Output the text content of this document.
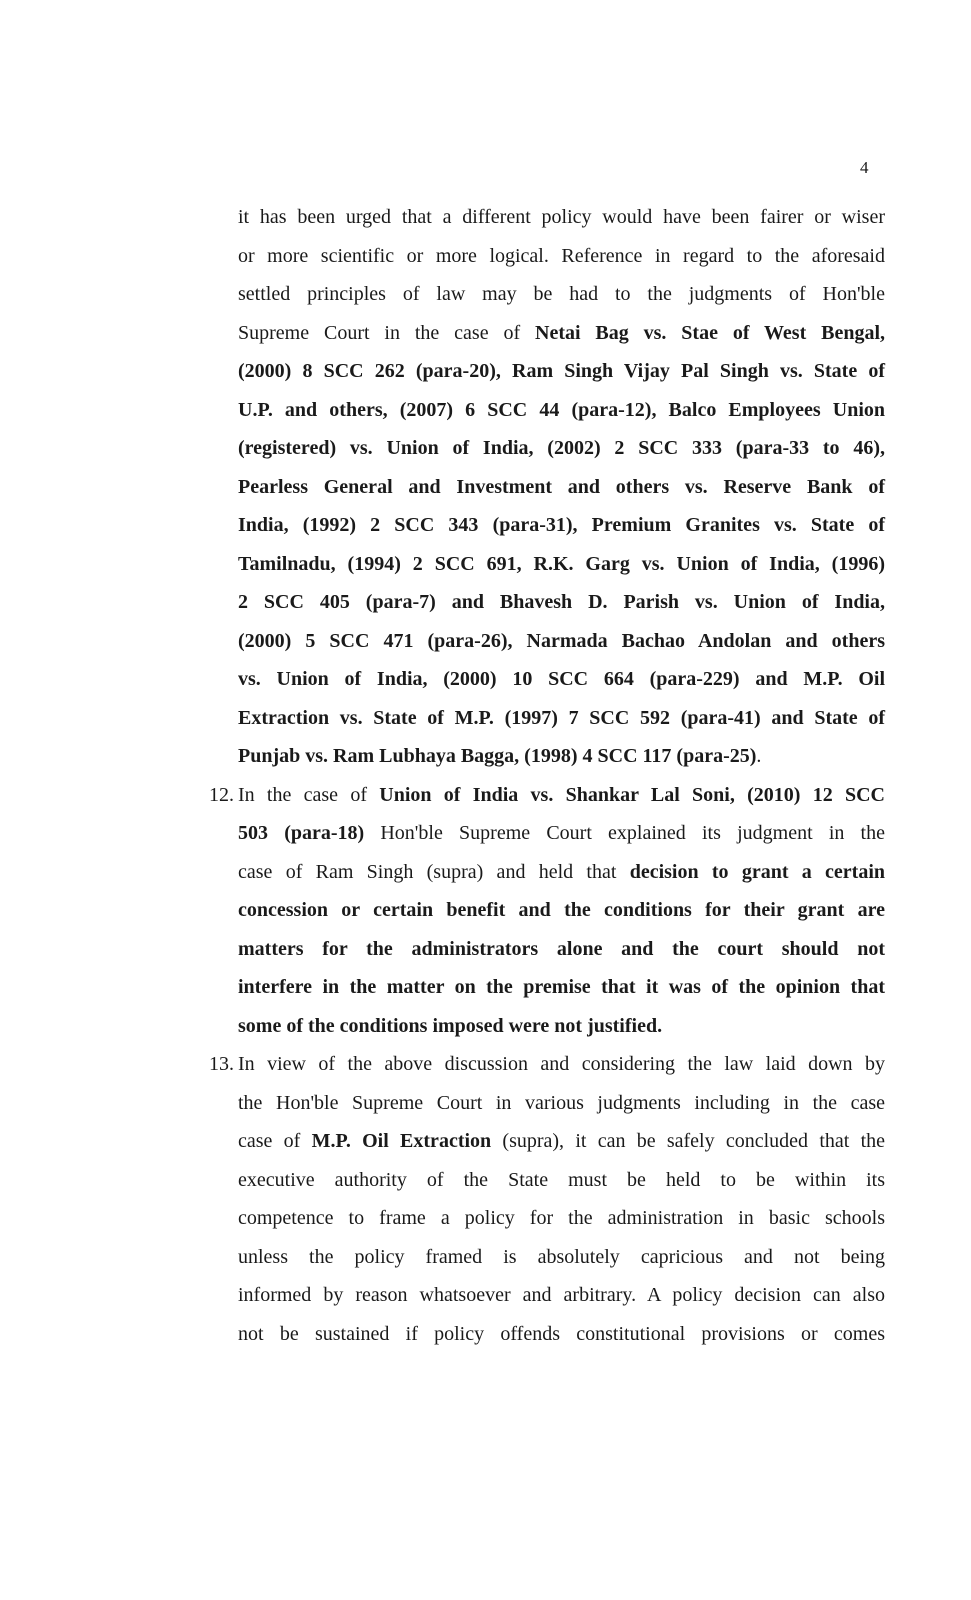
4
it has been urged that a different policy would have been fairer or wiser
or more scientific or more logical. Reference in regard to the aforesaid
settled principles of law may be had to the judgments of Hon'ble
Supreme Court in the case of Netai Bag vs. Stae of West Bengal,
(2000) 8 SCC 262 (para-20), Ram Singh Vijay Pal Singh vs. State of
U.P. and others, (2007) 6 SCC 44 (para-12), Balco Employees Union
(registered) vs. Union of India, (2002) 2 SCC 333 (para-33 to 46),
Pearless General and Investment and others vs. Reserve Bank of
India, (1992) 2 SCC 343 (para-31), Premium Granites vs. State of
Tamilnadu, (1994) 2 SCC 691, R.K. Garg vs. Union of India, (1996)
2 SCC 405 (para-7) and Bhavesh D. Parish vs. Union of India,
(2000) 5 SCC 471 (para-26), Narmada Bachao Andolan and others
vs. Union of India, (2000) 10 SCC 664 (para-229) and M.P. Oil
Extraction vs. State of M.P. (1997) 7 SCC 592 (para-41) and State of
Punjab vs. Ram Lubhaya Bagga, (1998) 4 SCC 117 (para-25).
12. In the case of Union of India vs. Shankar Lal Soni, (2010) 12 SCC
503 (para-18) Hon'ble Supreme Court explained its judgment in the
case of Ram Singh (supra) and held that decision to grant a certain
concession or certain benefit and the conditions for their grant are
matters for the administrators alone and the court should not
interfere in the matter on the premise that it was of the opinion that
some of the conditions imposed were not justified.
13. In view of the above discussion and considering the law laid down by
the Hon'ble Supreme Court in various judgments including in the case
case of M.P. Oil Extraction (supra), it can be safely concluded that the
executive authority of the State must be held to be within its
competence to frame a policy for the administration in basic schools
unless the policy framed is absolutely capricious and not being
informed by reason whatsoever and arbitrary. A policy decision can also
not be sustained if policy offends constitutional provisions or comes
